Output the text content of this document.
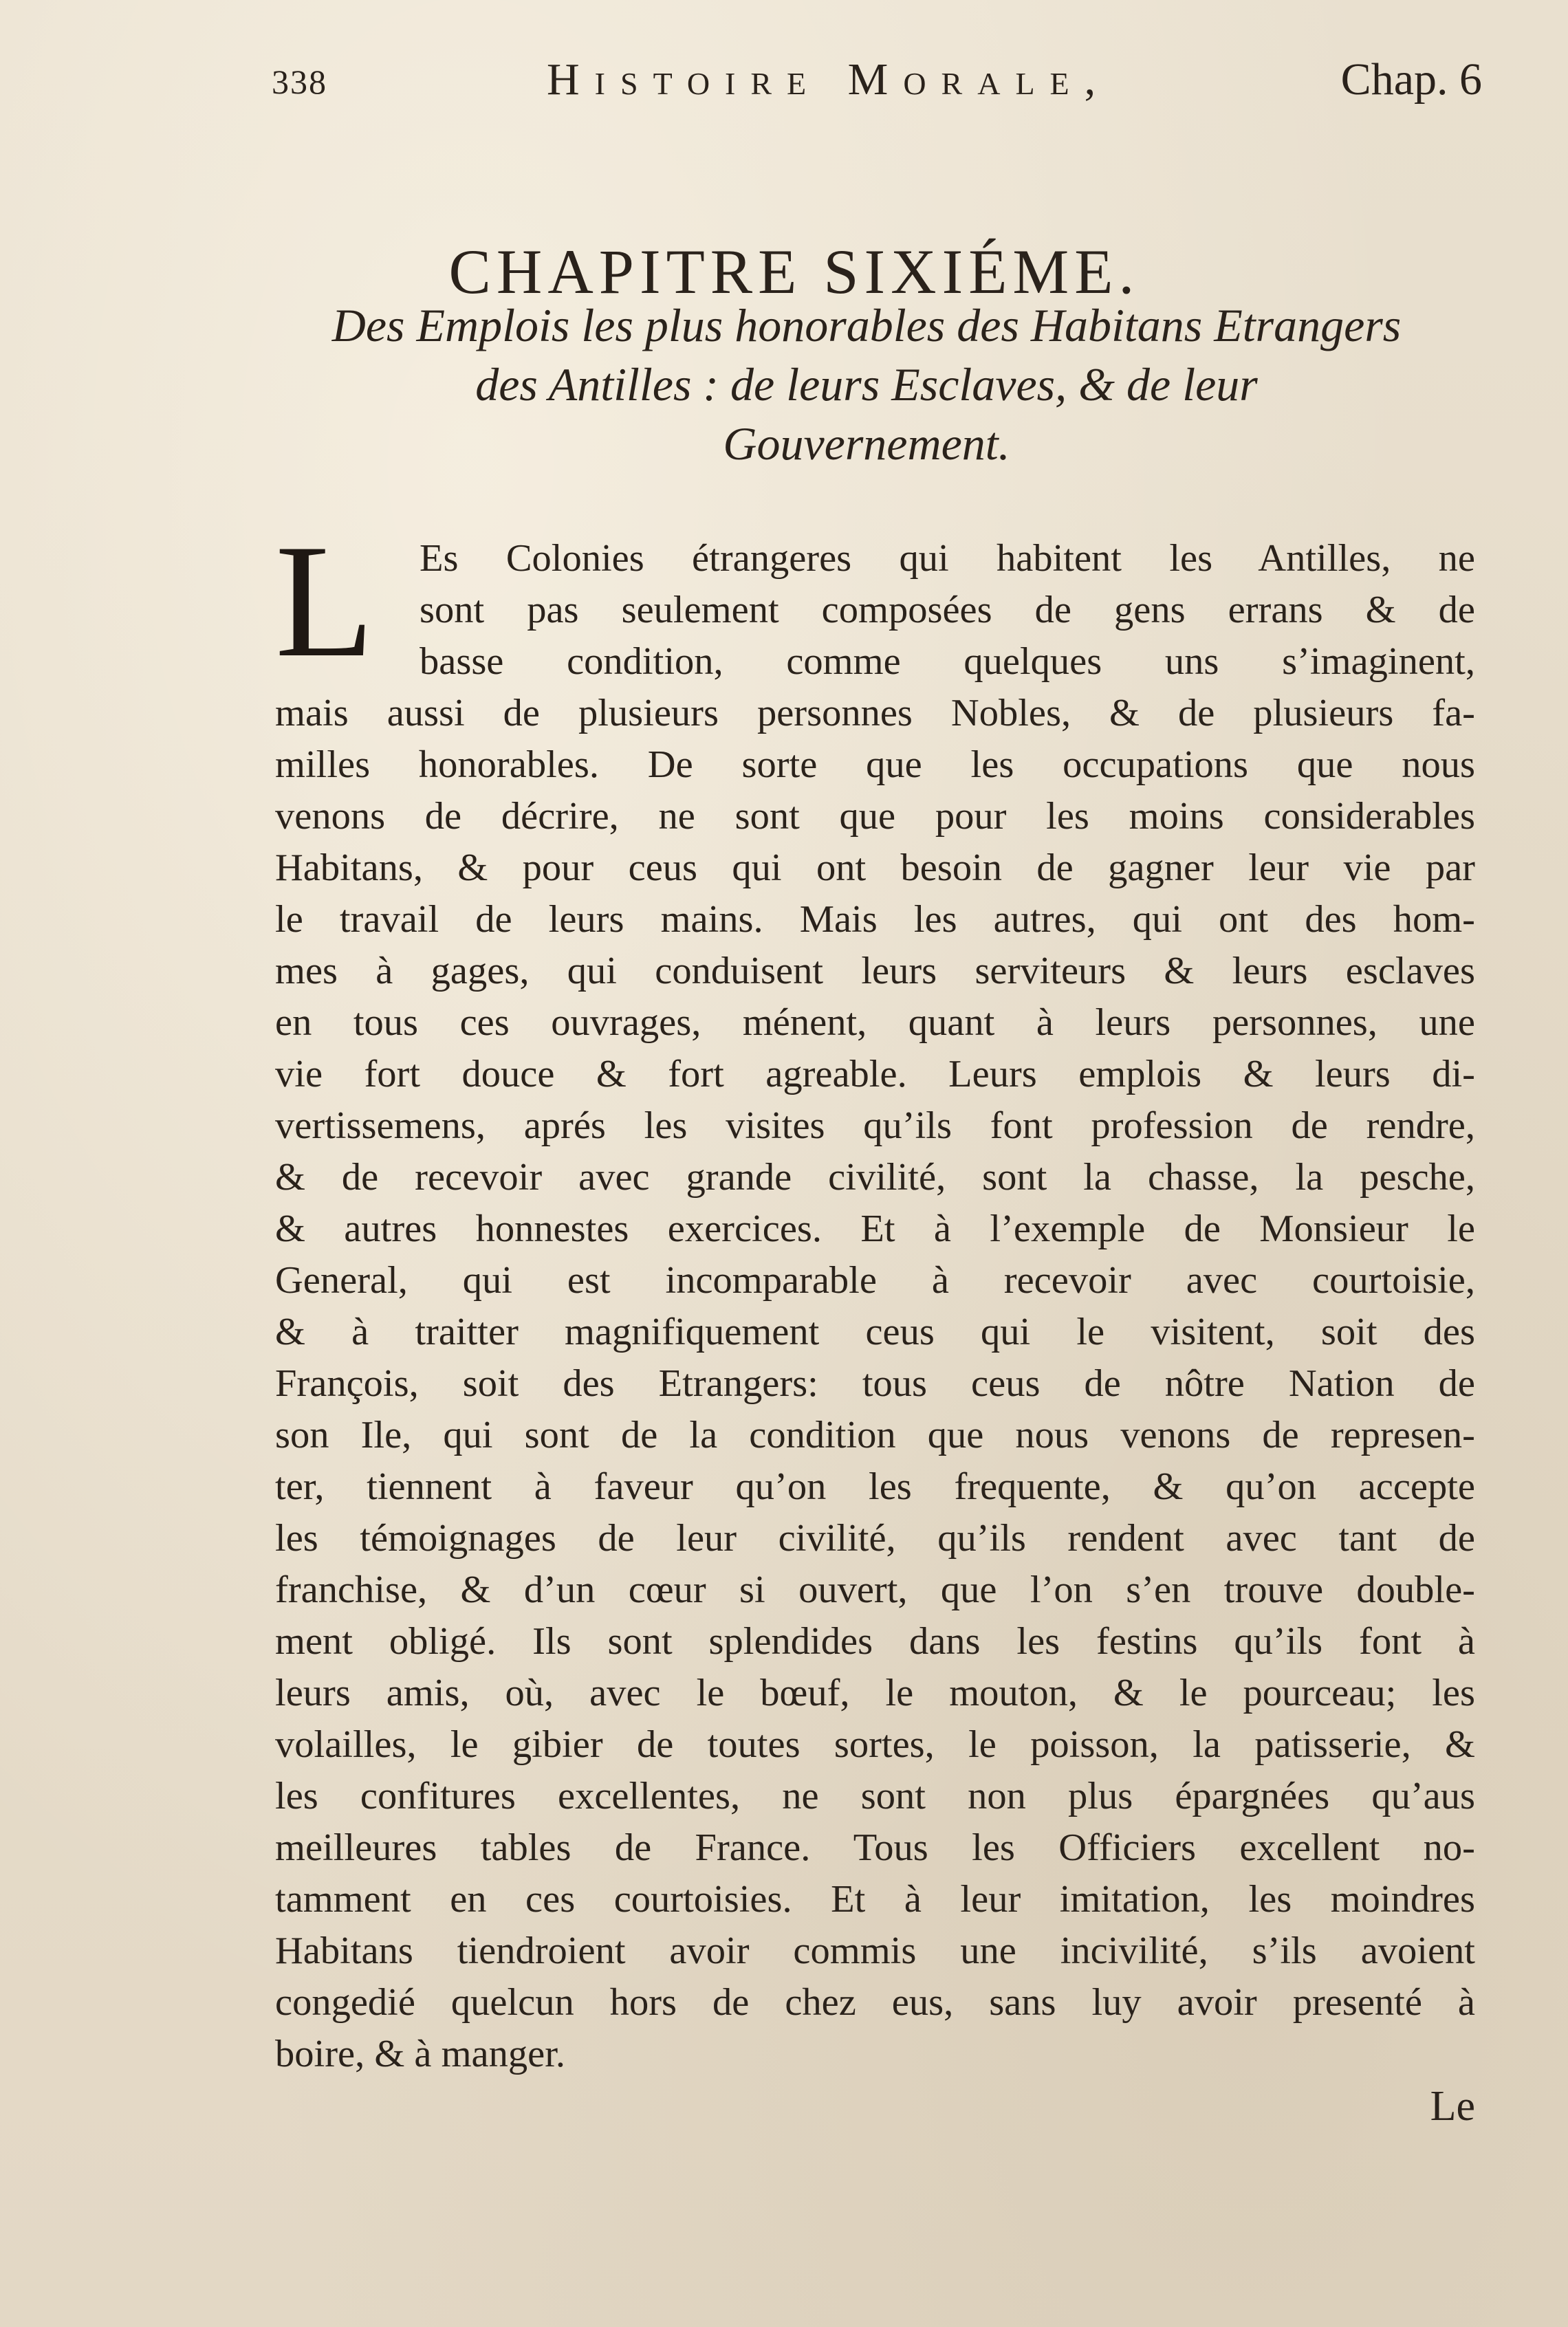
338	Histoire Morale,	Chap. 6
CHAPITRE SIXIÉME.
Des Emplois les plus honorables des Habitans Etrangers
des Antilles : de leurs Esclaves, & de leur
Gouvernement.
L	Es Colonies étrangeres qui habitent les Antilles, ne
sont pas seulement composées de gens errans & de
basse condition, comme quelques uns s’imaginent,
mais aussi de plusieurs personnes Nobles, & de plusieurs fa-
milles honorables. De sorte que les occupations que nous
venons de décrire, ne sont que pour les moins considerables
Habitans, & pour ceus qui ont besoin de gagner leur vie par
le travail de leurs mains. Mais les autres, qui ont des hom-
mes à gages, qui conduisent leurs serviteurs & leurs esclaves
en tous ces ouvrages, ménent, quant à leurs personnes, une
vie fort douce & fort agreable. Leurs emplois & leurs di-
vertissemens, aprés les visites qu’ils font profession de rendre,
& de recevoir avec grande civilité, sont la chasse, la pesche,
& autres honnestes exercices. Et à l’exemple de Monsieur le
General, qui est incomparable à recevoir avec courtoisie,
& à traitter magnifiquement ceus qui le visitent, soit des
François, soit des Etrangers: tous ceus de nôtre Nation de
son Ile, qui sont de la condition que nous venons de represen-
ter, tiennent à faveur qu’on les frequente, & qu’on accepte
les témoignages de leur civilité, qu’ils rendent avec tant de
franchise, & d’un cœur si ouvert, que l’on s’en trouve double-
ment obligé. Ils sont splendides dans les festins qu’ils font à
leurs amis, où, avec le bœuf, le mouton, & le pourceau; les
volailles, le gibier de toutes sortes, le poisson, la patisserie, &
les confitures excellentes, ne sont non plus épargnées qu’aus
meilleures tables de France. Tous les Officiers excellent no-
tamment en ces courtoisies. Et à leur imitation, les moindres
Habitans tiendroient avoir commis une incivilité, s’ils avoient
congedié quelcun hors de chez eus, sans luy avoir presenté à
boire, & à manger.
Le
